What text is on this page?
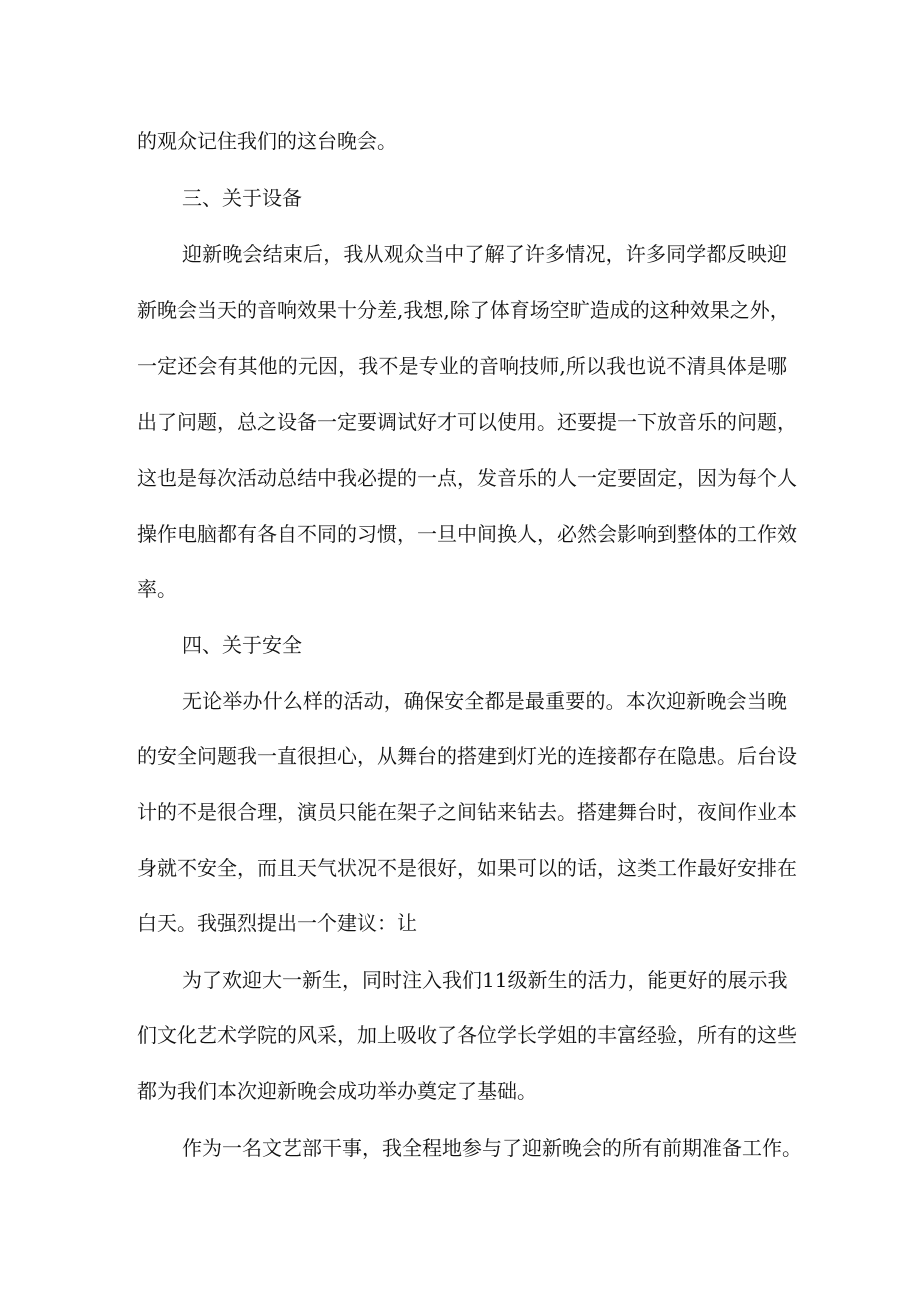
的观众记住我们的这台晚会。

三、关于设备

迎新晚会结束后，我从观众当中了解了许多情况，许多同学都反映迎

新晚会当天的音响效果十分差,我想,除了体育场空旷造成的这种效果之外，

一定还会有其他的元因，我不是专业的音响技师,所以我也说不清具体是哪

出了问题，总之设备一定要调试好才可以使用。还要提一下放音乐的问题，

这也是每次活动总结中我必提的一点，发音乐的人一定要固定，因为每个人

操作电脑都有各自不同的习惯，一旦中间换人，必然会影响到整体的工作效

率。

四、关于安全

无论举办什么样的活动，确保安全都是最重要的。本次迎新晚会当晚

的安全问题我一直很担心，从舞台的搭建到灯光的连接都存在隐患。后台设

计的不是很合理，演员只能在架子之间钻来钻去。搭建舞台时，夜间作业本

身就不安全，而且天气状况不是很好，如果可以的话，这类工作最好安排在

白天。我强烈提出一个建议：让

为了欢迎大一新生，同时注入我们11级新生的活力，能更好的展示我

们文化艺术学院的风采，加上吸收了各位学长学姐的丰富经验，所有的这些

都为我们本次迎新晚会成功举办奠定了基础。

作为一名文艺部干事，我全程地参与了迎新晚会的所有前期准备工作。
